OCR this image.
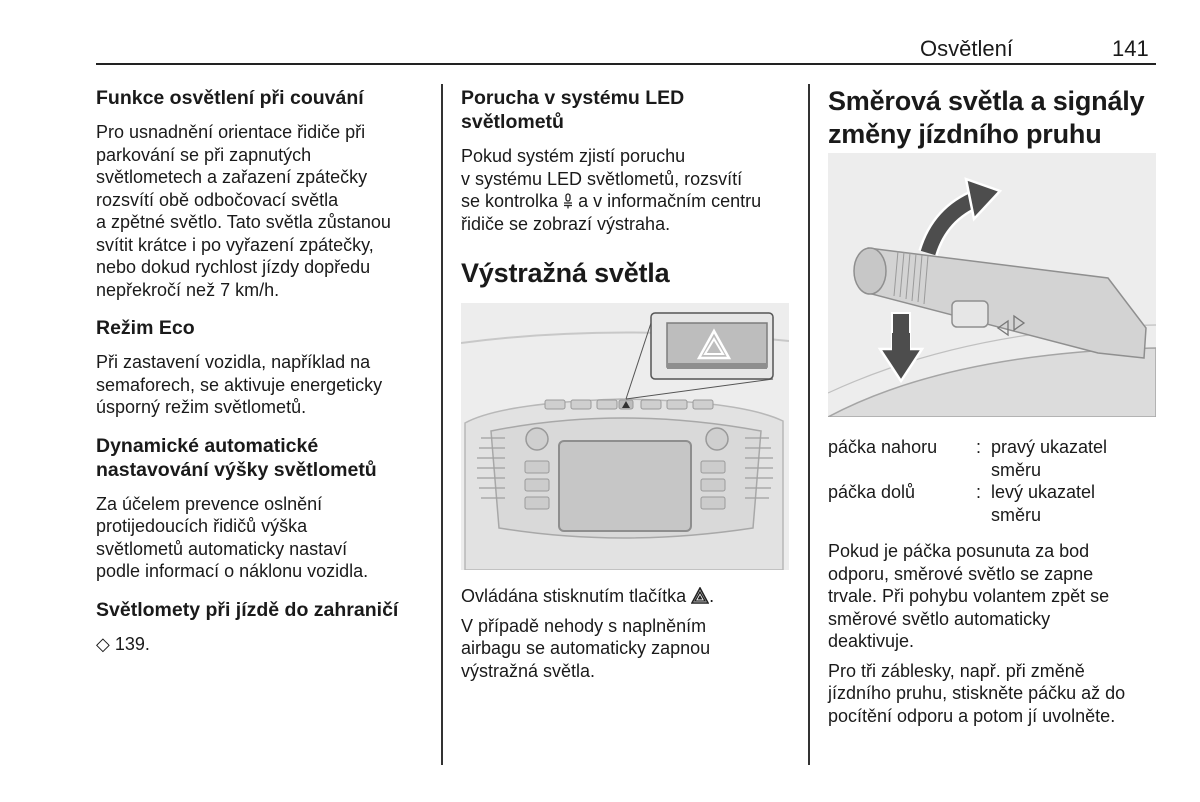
Osvětlení	141
Funkce osvětlení při couvání

Pro usnadnění orientace řidiče při

parkování se při zapnutých

světlometech a zařazení zpátečky

rozsvítí obě odbočovací světla

a zpětné světlo. Tato světla zůstanou

svítit krátce i po vyřazení zpátečky,

nebo dokud rychlost jízdy dopředu

nepřekročí než 7 km/h.

Režim Eco

Při zastavení vozidla, například na

semaforech, se aktivuje energeticky

úsporný režim světlometů.

Dynamické automatické
nastavování výšky světlometů

Za účelem prevence oslnění

protijedoucích řidičů výška

světlometů automaticky nastaví

podle informací o náklonu vozidla.

Světlomety při jízdě do zahraničí

◇ 139.

Porucha v systému LED
světlometů

Pokud systém zjistí poruchu

v systému LED světlometů, rozsvítí

se kontrolka a v informačním centru

řidiče se zobrazí výstraha.

Výstražná světla

Ovládána stisknutím tlačítka .

V případě nehody s naplněním

airbagu se automaticky zapnou

výstražná světla.

Směrová světla a signály
změny jízdního pruhu
páčka nahoru : pravý ukazatel
směru
páčka dolů	: levý ukazatel
směru

Pokud je páčka posunuta za bod

odporu, směrové světlo se zapne

trvale. Při pohybu volantem zpět se

směrové světlo automaticky

deaktivuje.

Pro tři záblesky, např. při změně

jízdního pruhu, stiskněte páčku až do

pocítění odporu a potom jí uvolněte.
